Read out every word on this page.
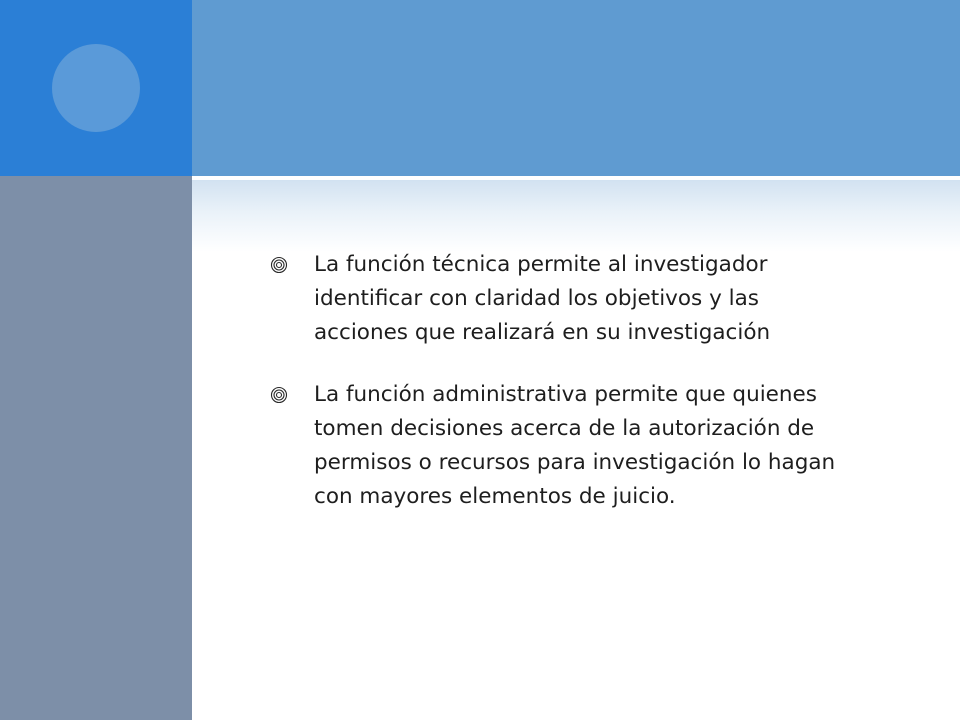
La función técnica permite al investigador
identificar con claridad los objetivos y las
acciones que realizará en su investigación
La función administrativa permite que quienes
tomen decisiones acerca de la autorización de
permisos o recursos para investigación lo hagan
con mayores elementos de juicio.
